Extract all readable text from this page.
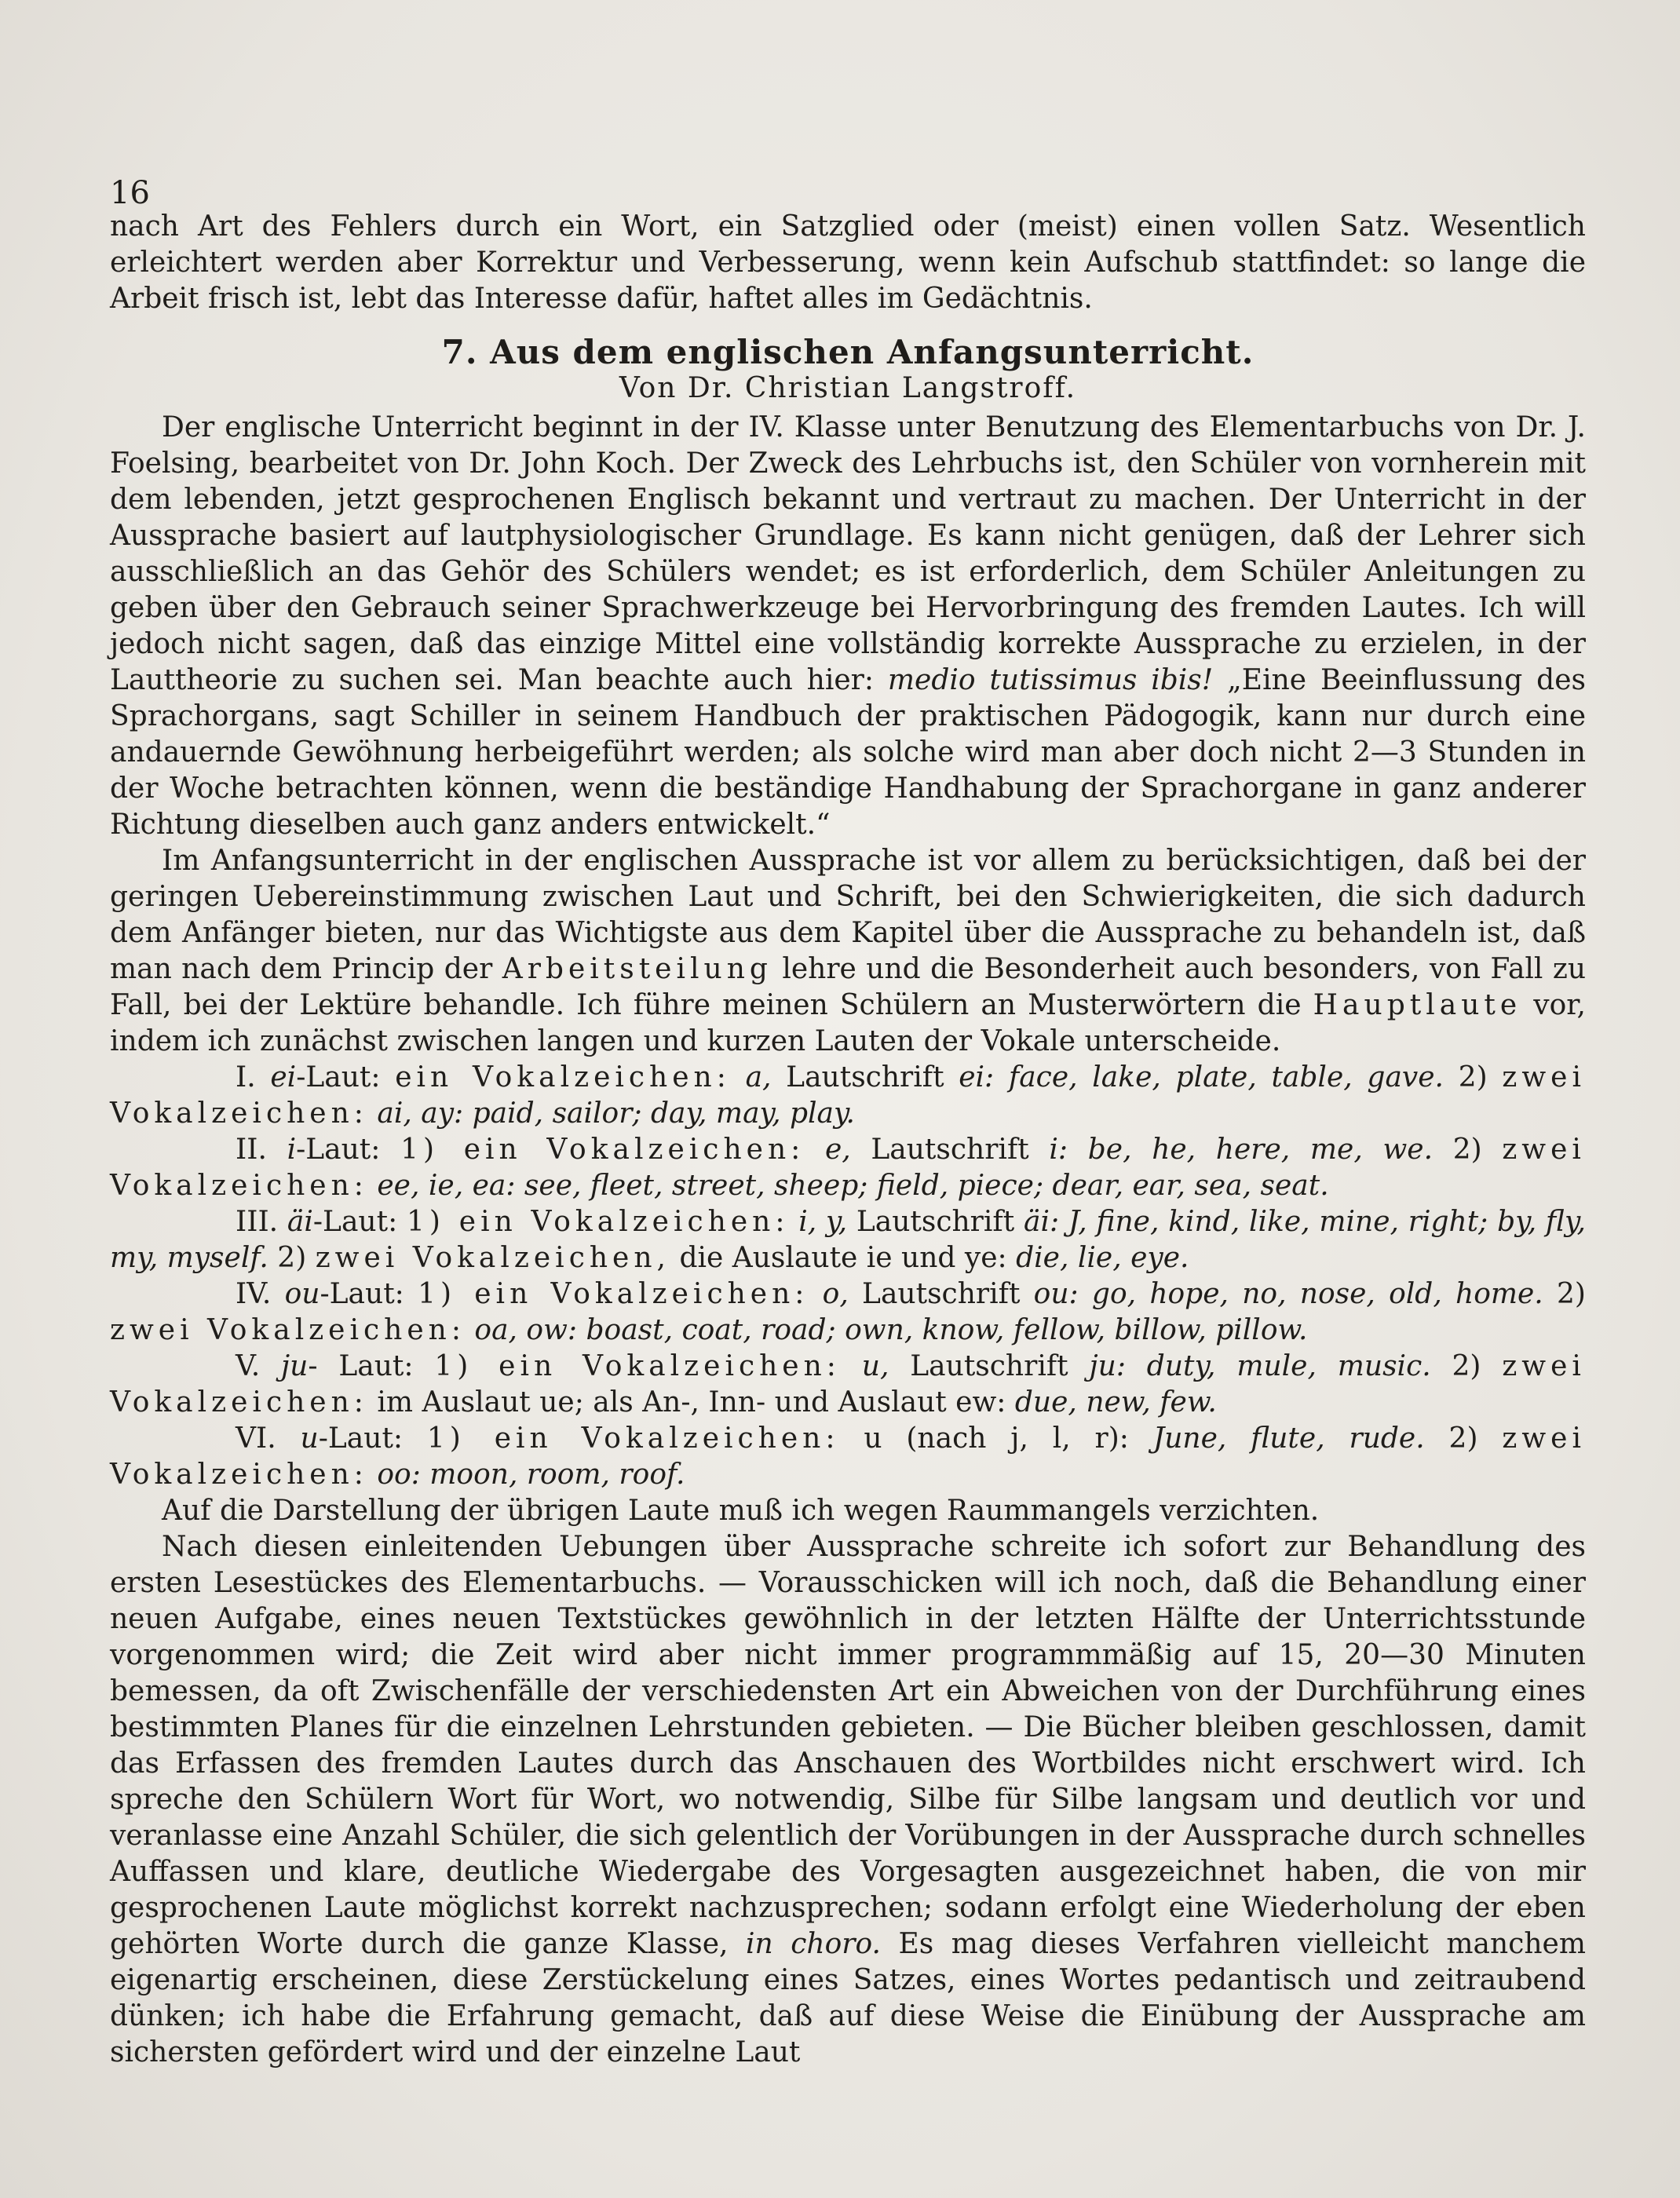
16

nach Art des Fehlers durch ein Wort, ein Satzglied oder (meist) einen vollen Satz. Wesentlich erleichtert werden aber Korrektur und Verbesserung, wenn kein Aufschub stattfindet: so lange die Arbeit frisch ist, lebt das Interesse dafür, haftet alles im Gedächtnis.

7. Aus dem englischen Anfangsunterricht.

Von Dr. Christian Langstroff.

Der englische Unterricht beginnt in der IV. Klasse unter Benutzung des Elementarbuchs von Dr. J. Foelsing, bearbeitet von Dr. John Koch. Der Zweck des Lehrbuchs ist, den Schüler von vornherein mit dem lebenden, jetzt gesprochenen Englisch bekannt und vertraut zu machen. Der Unterricht in der Aussprache basiert auf lautphysiologischer Grundlage. Es kann nicht genügen, daß der Lehrer sich ausschließlich an das Gehör des Schülers wendet; es ist erforderlich, dem Schüler Anleitungen zu geben über den Gebrauch seiner Sprachwerkzeuge bei Hervorbringung des fremden Lautes. Ich will jedoch nicht sagen, daß das einzige Mittel eine vollständig korrekte Aussprache zu erzielen, in der Lauttheorie zu suchen sei. Man beachte auch hier: medio tutissimus ibis! „Eine Beeinflussung des Sprachorgans, sagt Schiller in seinem Handbuch der praktischen Pädogogik, kann nur durch eine andauernde Gewöhnung herbeigeführt werden; als solche wird man aber doch nicht 2—3 Stunden in der Woche betrachten können, wenn die beständige Handhabung der Sprachorgane in ganz anderer Richtung dieselben auch ganz anders entwickelt.“

Im Anfangsunterricht in der englischen Aussprache ist vor allem zu berücksichtigen, daß bei der geringen Uebereinstimmung zwischen Laut und Schrift, bei den Schwierigkeiten, die sich dadurch dem Anfänger bieten, nur das Wichtigste aus dem Kapitel über die Aussprache zu behandeln ist, daß man nach dem Princip der Arbeitsteilung lehre und die Besonderheit auch besonders, von Fall zu Fall, bei der Lektüre behandle. Ich führe meinen Schülern an Musterwörtern die Hauptlaute vor, indem ich zunächst zwischen langen und kurzen Lauten der Vokale unterscheide.

I. ei-Laut: ein Vokalzeichen: a, Lautschrift ei: face, lake, plate, table, gave. 2) zwei Vokalzeichen: ai, ay: paid, sailor; day, may, play.

II. i-Laut: 1) ein Vokalzeichen: e, Lautschrift i: be, he, here, me, we. 2) zwei Vokalzeichen: ee, ie, ea: see, fleet, street, sheep; field, piece; dear, ear, sea, seat.

III. äi-Laut: 1) ein Vokalzeichen: i, y, Lautschrift äi: J, fine, kind, like, mine, right; by, fly, my, myself. 2) zwei Vokalzeichen, die Auslaute ie und ye: die, lie, eye.

IV. ou-Laut: 1) ein Vokalzeichen: o, Lautschrift ou: go, hope, no, nose, old, home. 2) zwei Vokalzeichen: oa, ow: boast, coat, road; own, know, fellow, billow, pillow.

V. ju- Laut: 1) ein Vokalzeichen: u, Lautschrift ju: duty, mule, music. 2) zwei Vokalzeichen: im Auslaut ue; als An-, Inn- und Auslaut ew: due, new, few.

VI. u-Laut: 1) ein Vokalzeichen: u (nach j, l, r): June, flute, rude. 2) zwei Vokalzeichen: oo: moon, room, roof.

Auf die Darstellung der übrigen Laute muß ich wegen Raummangels verzichten.

Nach diesen einleitenden Uebungen über Aussprache schreite ich sofort zur Behandlung des ersten Lesestückes des Elementarbuchs. — Vorausschicken will ich noch, daß die Behandlung einer neuen Aufgabe, eines neuen Textstückes gewöhnlich in der letzten Hälfte der Unterrichtsstunde vorgenommen wird; die Zeit wird aber nicht immer programmmäßig auf 15, 20—30 Minuten bemessen, da oft Zwischenfälle der verschiedensten Art ein Abweichen von der Durchführung eines bestimmten Planes für die einzelnen Lehrstunden gebieten. — Die Bücher bleiben geschlossen, damit das Erfassen des fremden Lautes durch das Anschauen des Wortbildes nicht erschwert wird. Ich spreche den Schülern Wort für Wort, wo notwendig, Silbe für Silbe langsam und deutlich vor und veranlasse eine Anzahl Schüler, die sich gelentlich der Vorübungen in der Aussprache durch schnelles Auffassen und klare, deutliche Wiedergabe des Vorgesagten ausgezeichnet haben, die von mir gesprochenen Laute möglichst korrekt nachzusprechen; sodann erfolgt eine Wiederholung der eben gehörten Worte durch die ganze Klasse, in choro. Es mag dieses Verfahren vielleicht manchem eigenartig erscheinen, diese Zerstückelung eines Satzes, eines Wortes pedantisch und zeitraubend dünken; ich habe die Erfahrung gemacht, daß auf diese Weise die Einübung der Aussprache am sichersten gefördert wird und der einzelne Laut
